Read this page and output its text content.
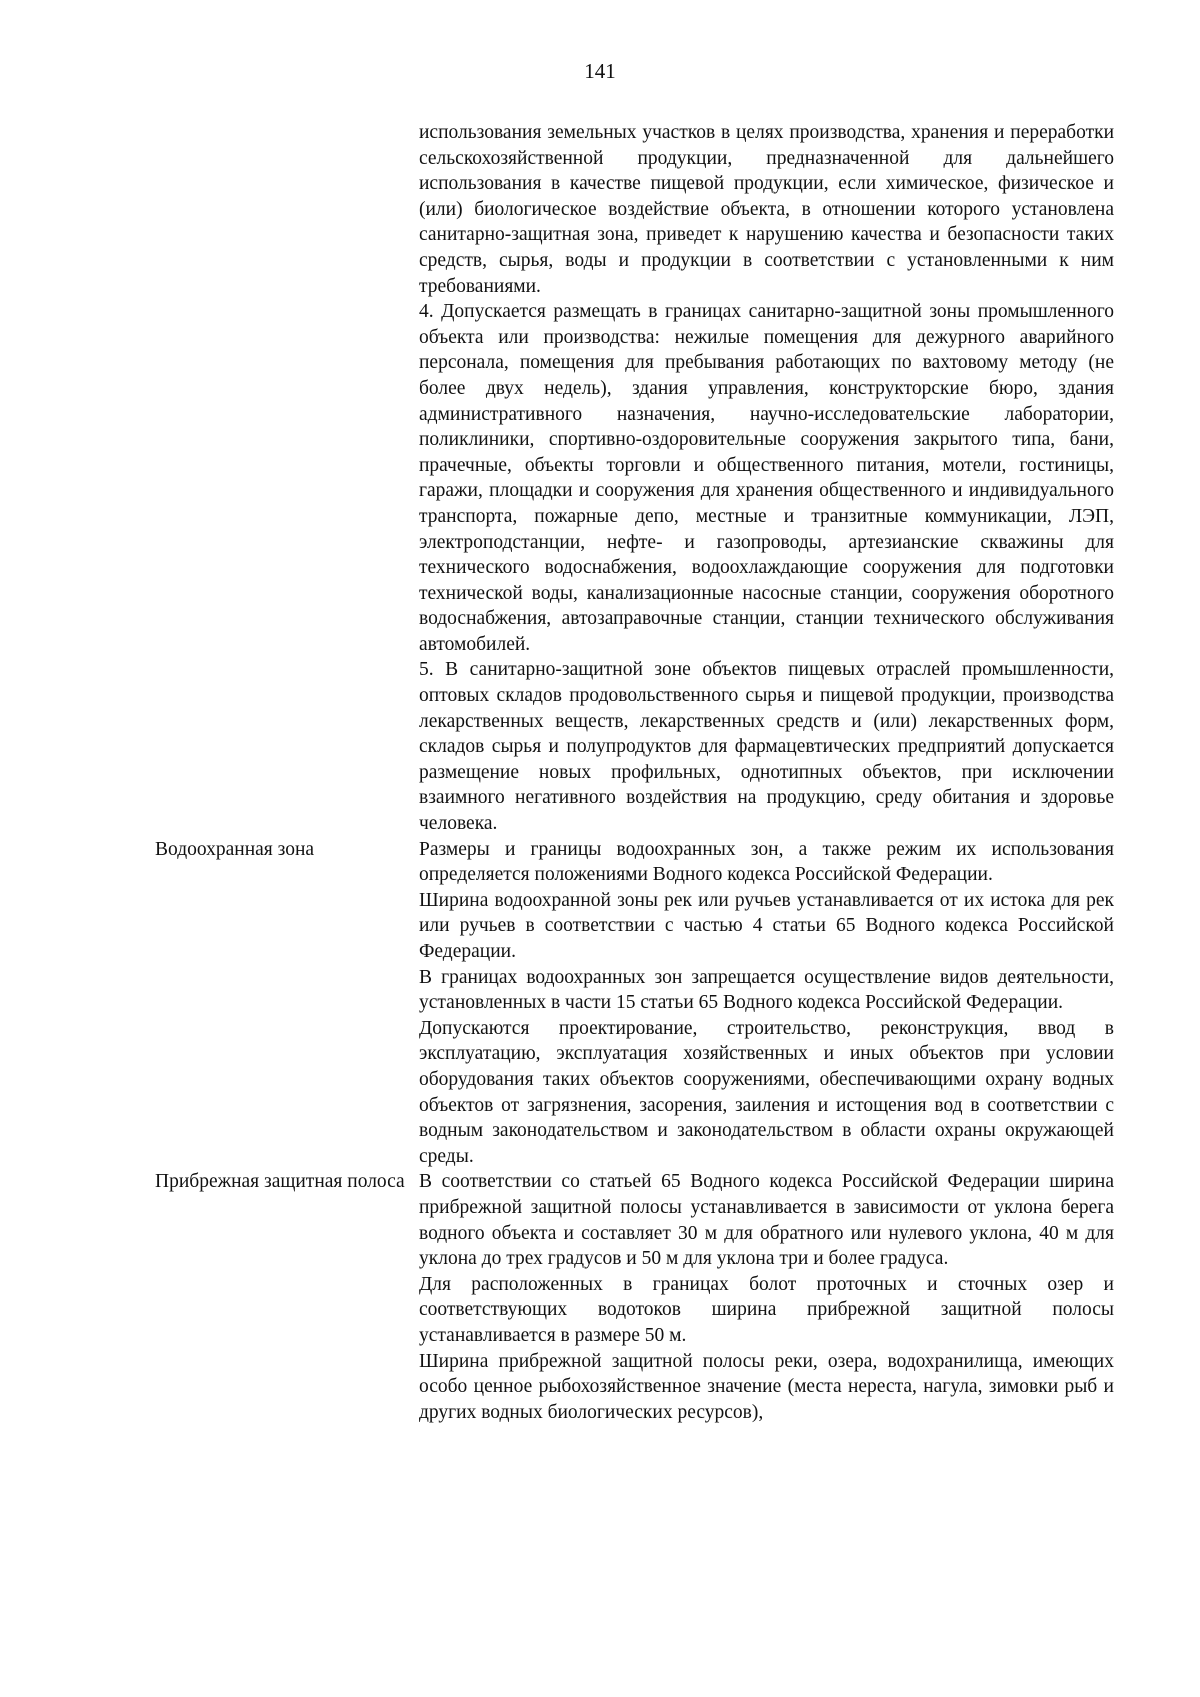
141

использования земельных участков в целях производства, хранения и переработки сельскохозяйственной продукции, предназначенной для дальнейшего использования в качестве пищевой продукции, если химическое, физическое и (или) биологическое воздействие объекта, в отношении которого установлена санитарно-защитная зона, приведет к нарушению качества и безопасности таких средств, сырья, воды и продукции в соответствии с установленными к ним требованиями.

4. Допускается размещать в границах санитарно-защитной зоны промышленного объекта или производства: нежилые помещения для дежурного аварийного персонала, помещения для пребывания работающих по вахтовому методу (не более двух недель), здания управления, конструкторские бюро, здания административного назначения, научно-исследовательские лаборатории, поликлиники, спортивно-оздоровительные сооружения закрытого типа, бани, прачечные, объекты торговли и общественного питания, мотели, гостиницы, гаражи, площадки и сооружения для хранения общественного и индивидуального транспорта, пожарные депо, местные и транзитные коммуникации, ЛЭП, электроподстанции, нефте- и газопроводы, артезианские скважины для технического водоснабжения, водоохлаждающие сооружения для подготовки технической воды, канализационные насосные станции, сооружения оборотного водоснабжения, автозаправочные станции, станции технического обслуживания автомобилей.

5. В санитарно-защитной зоне объектов пищевых отраслей промышленности, оптовых складов продовольственного сырья и пищевой продукции, производства лекарственных веществ, лекарственных средств и (или) лекарственных форм, складов сырья и полупродуктов для фармацевтических предприятий допускается размещение новых профильных, однотипных объектов, при исключении взаимного негативного воздействия на продукцию, среду обитания и здоровье человека.

Водоохранная зона	Размеры и границы водоохранных зон, а также режим их использования определяется положениями Водного кодекса Российской Федерации.

Ширина водоохранной зоны рек или ручьев устанавливается от их истока для рек или ручьев в соответствии с частью 4 статьи 65 Водного кодекса Российской Федерации.

В границах водоохранных зон запрещается осуществление видов деятельности, установленных в части 15 статьи 65 Водного кодекса Российской Федерации.

Допускаются проектирование, строительство, реконструкция, ввод в эксплуатацию, эксплуатация хозяйственных и иных объектов при условии оборудования таких объектов сооружениями, обеспечивающими охрану водных объектов от загрязнения, засорения, заиления и истощения вод в соответствии с водным законодательством и законодательством в области охраны окружающей среды.

Прибрежная защитная полоса В соответствии со статьей 65 Водного кодекса Российской Федерации ширина прибрежной защитной полосы устанавливается в зависимости от уклона берега водного объекта и составляет 30 м для обратного или нулевого уклона, 40 м для уклона до трех градусов и 50 м для уклона три и более градуса.

Для расположенных в границах болот проточных и сточных озер и соответствующих водотоков ширина прибрежной защитной полосы устанавливается в размере 50 м.

Ширина прибрежной защитной полосы реки, озера, водохранилища, имеющих особо ценное рыбохозяйственное значение (места нереста, нагула, зимовки рыб и других водных биологических ресурсов),
